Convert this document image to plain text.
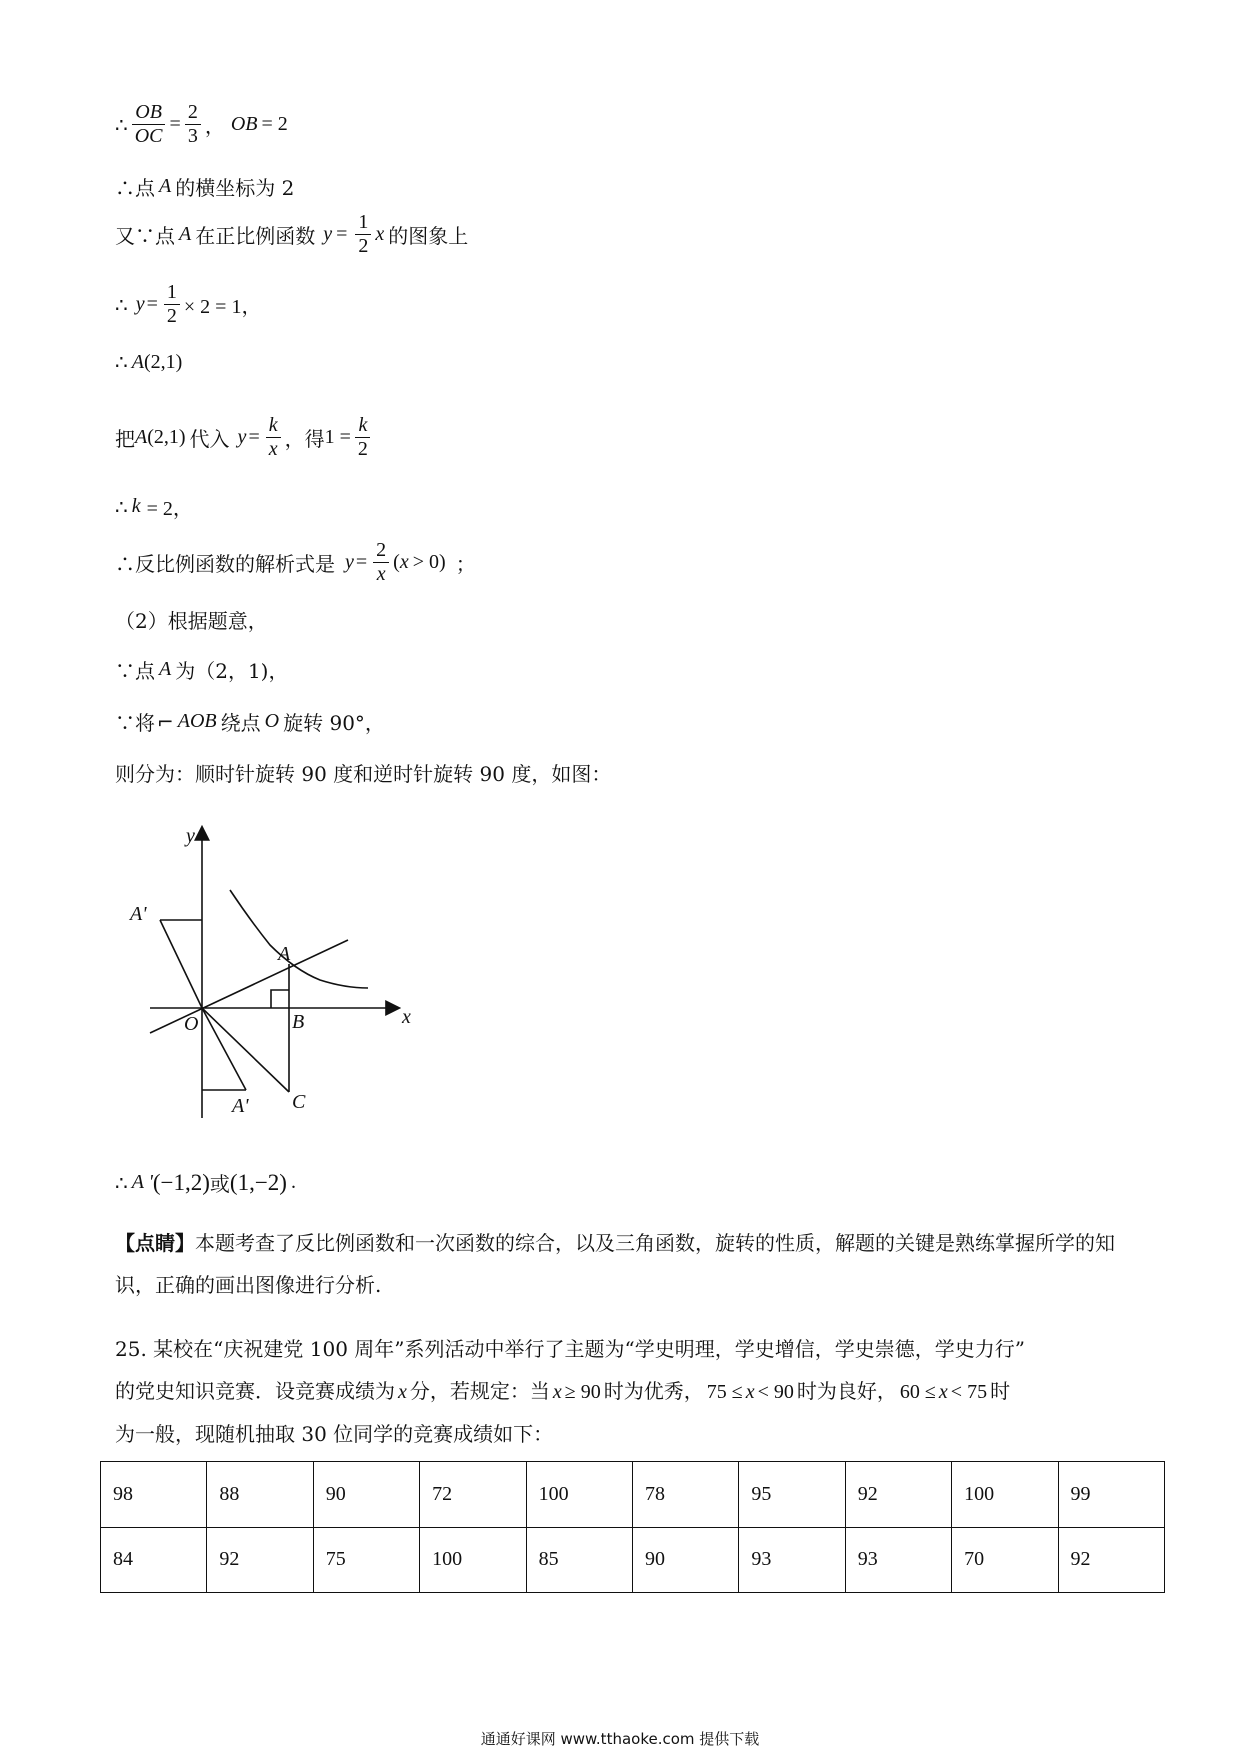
∴ $\frac{OB}{OC} = \frac{2}{3}$ ， OB = 2
∴点 A 的横坐标为 2
又∵点 A 在正比例函数 $y = \frac{1}{2}$ x 的图象上
∴ $y = \frac{1}{2} \times 2 = 1$，
∴ A (2,1)
把 A (2,1) 代入 $y = \frac{k}{x}$ ，得 $1 = \frac{k}{2}$
∴ k = 2，
∴反比例函数的解析式是 $y = \frac{2}{x}$ ( x > 0) ；
（2）根据题意，
∵点 A 为（2，1)，
∵将 ⌐ AOB 绕点 O 旋转 90°，
则分为：顺时针旋转 90 度和逆时针旋转 90 度，如图：
y
x
O
A
B
C
A'
A'
∴ A ' (−1,2) 或 (1,−2) .
【点睛】本题考查了反比例函数和一次函数的综合，以及三角函数，旋转的性质，解题的关键是熟练掌握所学的知识，正确的画出图像进行分析.
25. 某校在“庆祝建党 100 周年”系列活动中举行了主题为“学史明理，学史增信，学史崇德，学史力行”
的党史知识竞赛．设竞赛成绩为 x 分，若规定：当 x ≥ 90 时为优秀， 75 ≤ x < 90 时为良好， 60 ≤ x < 75 时
为一般，现随机抽取 30 位同学的竞赛成绩如下：
98	88	90	72	100	78	95	92	100	99
84	92	75	100	85	90	93	93	70	92
通通好课网 www.tthaoke.com 提供下载
